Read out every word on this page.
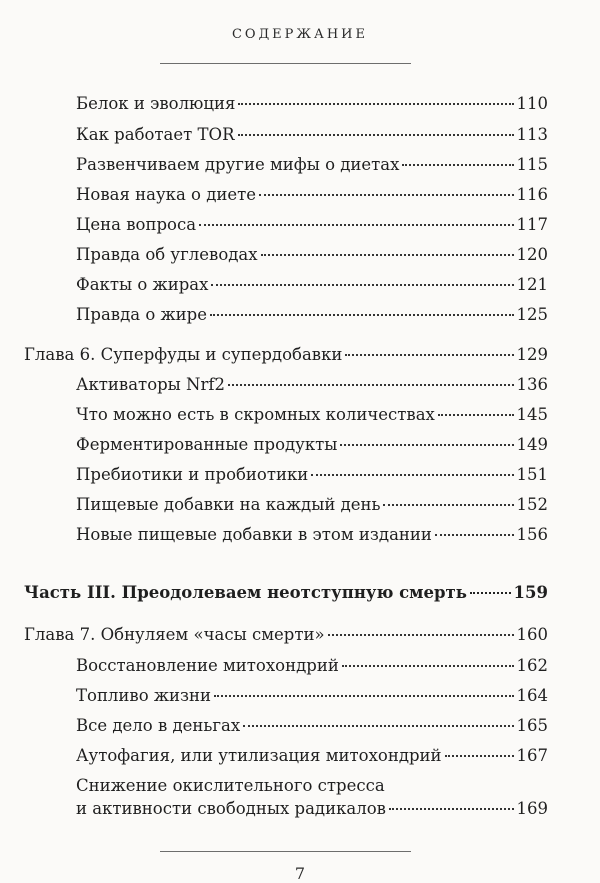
СОДЕРЖАНИЕ
Белок и эволюция	110
Как работает TOR	113
Развенчиваем другие мифы о диетах	115
Новая наука о диете	116
Цена вопроса	117
Правда об углеводах	120
Факты о жирах	121
Правда о жире	125
Глава 6. Суперфуды и супердобавки	129
Активаторы Nrf2	136
Что можно есть в скромных количествах	145
Ферментированные продукты	149
Пребиотики и пробиотики	151
Пищевые добавки на каждый день	152
Новые пищевые добавки в этом издании	156
Часть III. Преодолеваем неотступную смерть	159
Глава 7. Обнуляем «часы смерти»	160
Восстановление митохондрий	162
Топливо жизни	164
Все дело в деньгах	165
Аутофагия, или утилизация митохондрий	167
Снижение окислительного стресса
и активности свободных радикалов	169
7
